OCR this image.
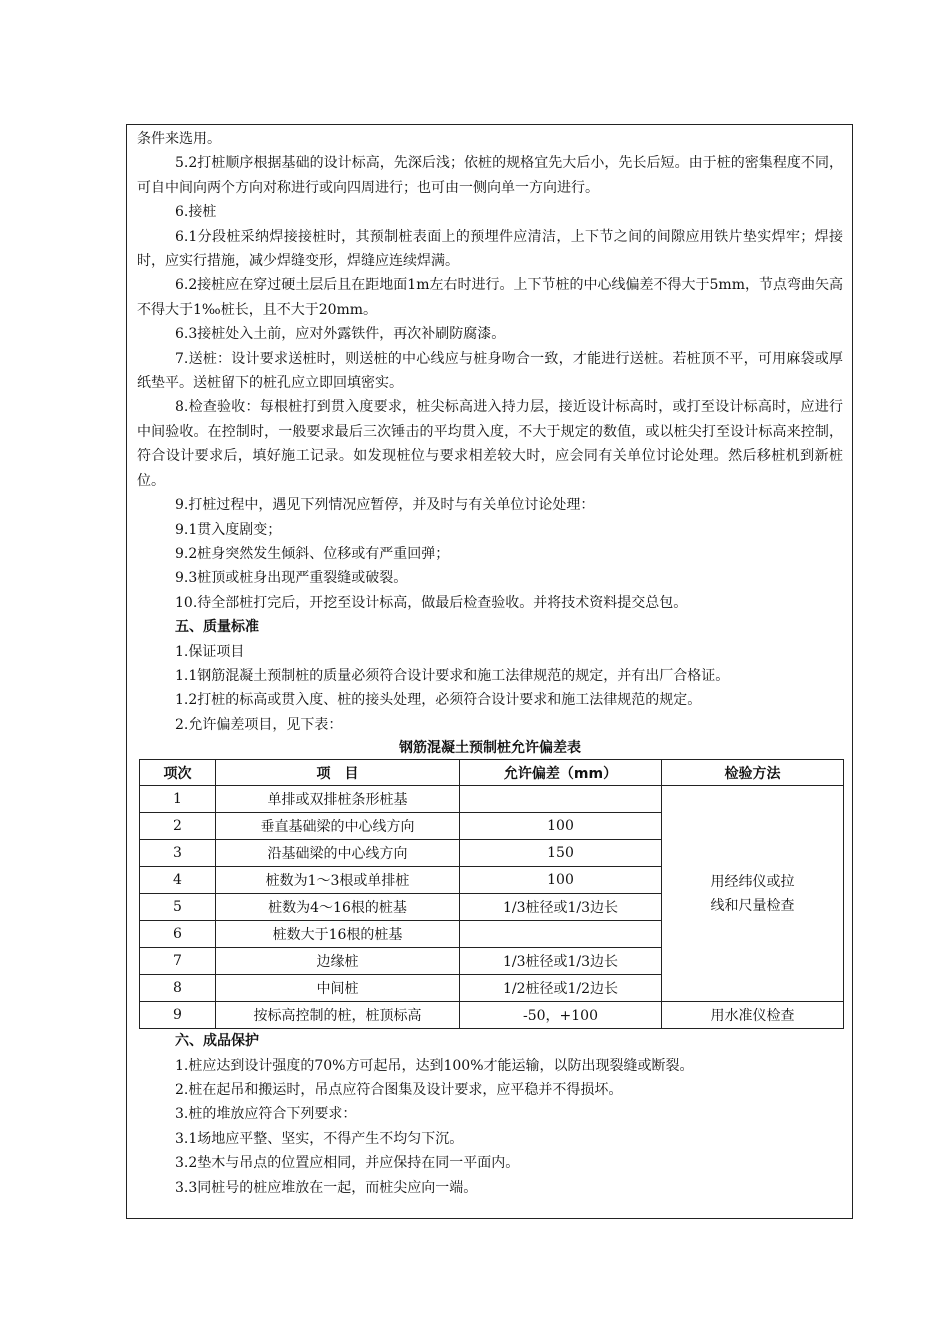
条件来选用。

5.2打桩顺序根据基础的设计标高，先深后浅；依桩的规格宜先大后小，先长后短。由于桩的密集程度不同，可自中间向两个方向对称进行或向四周进行；也可由一侧向单一方向进行。

6.接桩

6.1分段桩采纳焊接接桩时，其预制桩表面上的预埋件应清洁，上下节之间的间隙应用铁片垫实焊牢；焊接时，应实行措施，减少焊缝变形，焊缝应连续焊满。

6.2接桩应在穿过硬土层后且在距地面1m左右时进行。上下节桩的中心线偏差不得大于5mm，节点弯曲矢高不得大于1‰桩长，且不大于20mm。

6.3接桩处入土前，应对外露铁件，再次补刷防腐漆。

7.送桩：设计要求送桩时，则送桩的中心线应与桩身吻合一致，才能进行送桩。若桩顶不平，可用麻袋或厚纸垫平。送桩留下的桩孔应立即回填密实。

8.检查验收：每根桩打到贯入度要求，桩尖标高进入持力层，接近设计标高时，或打至设计标高时，应进行中间验收。在控制时，一般要求最后三次锤击的平均贯入度，不大于规定的数值，或以桩尖打至设计标高来控制，符合设计要求后，填好施工记录。如发现桩位与要求相差较大时，应会同有关单位讨论处理。然后移桩机到新桩位。

9.打桩过程中，遇见下列情况应暂停，并及时与有关单位讨论处理：

9.1贯入度剧变；

9.2桩身突然发生倾斜、位移或有严重回弹；

9.3桩顶或桩身出现严重裂缝或破裂。

10.待全部桩打完后，开挖至设计标高，做最后检查验收。并将技术资料提交总包。

五、质量标准

1.保证项目

1.1钢筋混凝土预制桩的质量必须符合设计要求和施工法律规范的规定，并有出厂合格证。

1.2打桩的标高或贯入度、桩的接头处理，必须符合设计要求和施工法律规范的规定。

2.允许偏差项目，见下表：

钢筋混凝土预制桩允许偏差表

项次	项　目	允许偏差（mm）	检验方法
1	单排或双排桩条形桩基		用经纬仪或拉
线和尺量检查

2	垂直基础梁的中心线方向	100	
3	沿基础梁的中心线方向	150	
4	桩数为1～3根或单排桩	100	
5	桩数为4～16根的桩基	1/3桩径或1/3边长	
6	桩数大于16根的桩基		
7	边缘桩	1/3桩径或1/3边长	
8	中间桩	1/2桩径或1/2边长	
9	按标高控制的桩，桩顶标高	-50，+100	用水准仪检查

六、成品保护

1.桩应达到设计强度的70%方可起吊，达到100%才能运输，以防出现裂缝或断裂。

2.桩在起吊和搬运时，吊点应符合图集及设计要求，应平稳并不得损坏。

3.桩的堆放应符合下列要求：

3.1场地应平整、坚实，不得产生不均匀下沉。

3.2垫木与吊点的位置应相同，并应保持在同一平面内。

3.3同桩号的桩应堆放在一起，而桩尖应向一端。
